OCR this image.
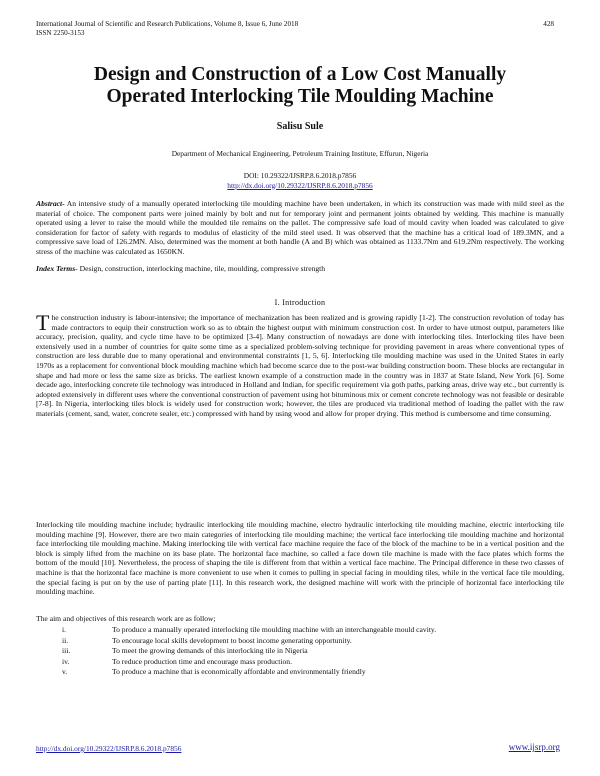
International Journal of Scientific and Research Publications, Volume 8, Issue 6, June 2018
ISSN 2250-3153
428
Design and Construction of a Low Cost Manually
Operated Interlocking Tile Moulding Machine
Salisu Sule
Department of Mechanical Engineering, Petroleum Training Institute, Effurun, Nigeria
DOI: 10.29322/IJSRP.8.6.2018.p7856
http://dx.doi.org/10.29322/IJSRP.8.6.2018.p7856
Abstract- An intensive study of a manually operated interlocking tile moulding machine have been undertaken, in which its construction was made with mild steel as the material of choice. The component parts were joined mainly by bolt and nut for temporary joint and permanent joints obtained by welding. This machine is manually operated using a lever to raise the mould while the moulded tile remains on the pallet. The compressive safe load of mould cavity when loaded was calculated to give consideration for factor of safety with regards to modulus of elasticity of the mild steel used. It was observed that the machine has a critical load of 189.3MN, and a compressive save load of 126.2MN. Also, determined was the moment at both handle (A and B) which was obtained as 1133.7Nm and 619.2Nm respectively. The working stress of the machine was calculated as 1650KN.
Index Terms- Design, construction, interlocking machine, tile, moulding, compressive strength
I. Introduction
The construction industry is labour-intensive; the importance of mechanization has been realized and is growing rapidly [1-2]. The construction revolution of today has made contractors to equip their construction work so as to obtain the highest output with minimum construction cost. In order to have utmost output, parameters like accuracy, precision, quality, and cycle time have to be optimized [3-4]. Many construction of nowadays are done with interlocking tiles. Interlocking tiles have been extensively used in a number of countries for quite some time as a specialized problem-solving technique for providing pavement in areas where conventional types of construction are less durable due to many operational and environmental constraints [1, 5, 6]. Interlocking tile moulding machine was used in the United States in early 1970s as a replacement for conventional block moulding machine which had become scarce due to the post-war building construction boom. These blocks are rectangular in shape and had more or less the same size as bricks. The earliest known example of a construction made in the country was in 1837 at State Island, New York [6]. Some decade ago, interlocking concrete tile technology was introduced in Holland and Indian, for specific requirement via goth paths, parking areas, drive way etc., but currently is adopted extensively in different uses where the conventional construction of pavement using hot bituminous mix or cement concrete technology was not feasible or desirable [7-8]. In Nigeria, interlocking tiles block is widely used for construction work; however, the tiles are produced via traditional method of loading the pallet with the raw materials (cement, sand, water, concrete sealer, etc.) compressed with hand by using wood and allow for proper drying. This method is cumbersome and time consuming.
Interlocking tile moulding machine include; hydraulic interlocking tile moulding machine, electro hydraulic interlocking tile moulding machine, electric interlocking tile moulding machine [9]. However, there are two main categories of interlocking tile moulding machine; the vertical face interlocking tile moulding machine and horizontal face interlocking tile moulding machine. Making interlocking tile with vertical face machine require the face of the block of the machine to be in a vertical position and the block is simply lifted from the machine on its base plate. The horizontal face machine, so called a face down tile machine is made with the face plates which forms the bottom of the mould [10]. Nevertheless, the process of shaping the tile is different from that within a vertical face machine. The Principal difference in these two classes of machine is that the horizontal face machine is more convenient to use when it comes to pulling in special facing in moulding tiles, while in the vertical face tile moulding, the special facing is put on by the use of parting plate [11]. In this research work, the designed machine will work with the principle of horizontal face interlocking tile moulding machine.
The aim and objectives of this research work are as follow;
i.	To produce a manually operated interlocking tile moulding machine with an interchangeable mould cavity.
ii.	To encourage local skills development to boost income generating opportunity.
iii.	To meet the growing demands of this interlocking tile in Nigeria
iv.	To reduce production time and encourage mass production.
v.	To produce a machine that is economically affordable and environmentally friendly
http://dx.doi.org/10.29322/IJSRP.8.6.2018.p7856	www.ijsrp.org
